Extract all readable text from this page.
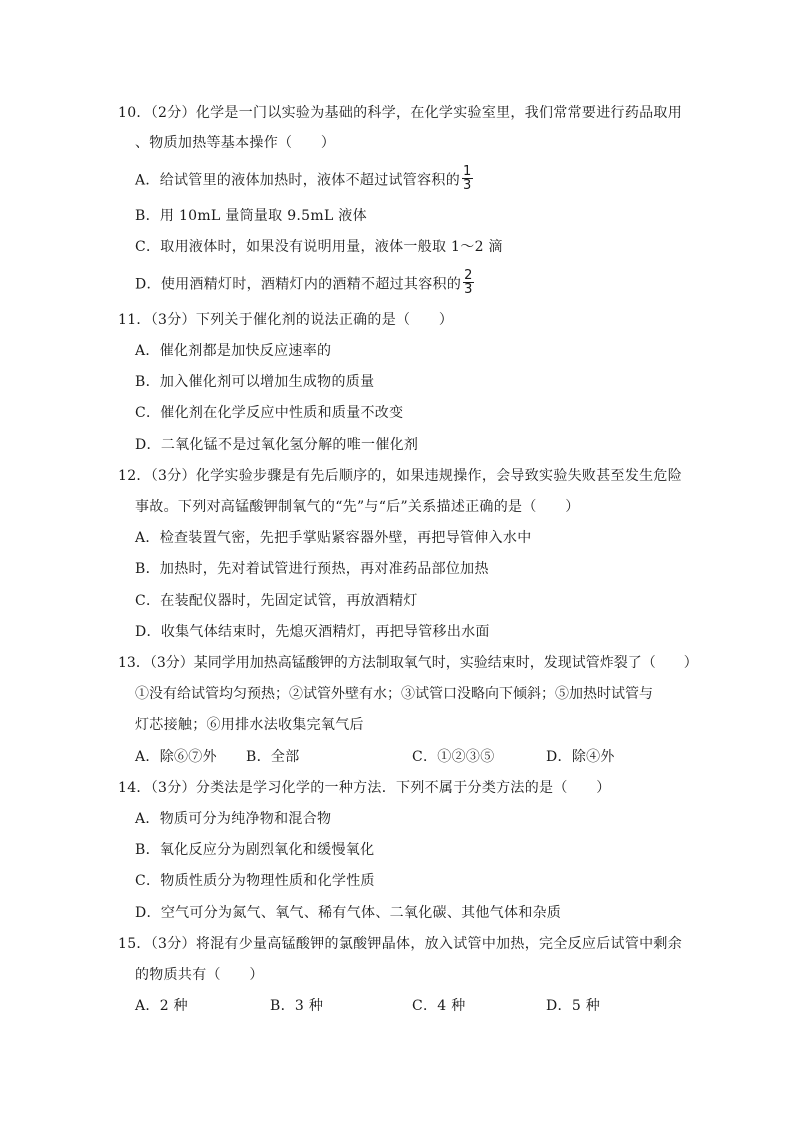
10．（2分）化学是一门以实验为基础的科学，在化学实验室里，我们常常要进行药品取用
、物质加热等基本操作（　　）
A．给试管里的液体加热时，液体不超过试管容积的 $\frac{1}{3}$
B．用 10mL 量筒量取 9.5mL 液体
C．取用液体时，如果没有说明用量，液体一般取 1～2 滴
D．使用酒精灯时，酒精灯内的酒精不超过其容积的 $\frac{2}{3}$
11．（3分）下列关于催化剂的说法正确的是（　　）
A．催化剂都是加快反应速率的
B．加入催化剂可以增加生成物的质量
C．催化剂在化学反应中性质和质量不改变
D．二氧化锰不是过氧化氢分解的唯一催化剂
12．（3分）化学实验步骤是有先后顺序的，如果违规操作，会导致实验失败甚至发生危险
事故。下列对高锰酸钾制氧气的“先”与“后”关系描述正确的是（　　）
A．检查装置气密，先把手掌贴紧容器外壁，再把导管伸入水中
B．加热时，先对着试管进行预热，再对准药品部位加热
C．在装配仪器时，先固定试管，再放酒精灯
D．收集气体结束时，先熄灭酒精灯，再把导管移出水面
13．（3分）某同学用加热高锰酸钾的方法制取氧气时，实验结束时，发现试管炸裂了（　　）
①没有给试管均匀预热；②试管外壁有水；③试管口没略向下倾斜；⑤加热时试管与
灯芯接触；⑥用排水法收集完氧气后
A．除⑥⑦外 B．全部	C．①②③⑤	D．除④外
14．（3分）分类法是学习化学的一种方法．下列不属于分类方法的是（　　）
A．物质可分为纯净物和混合物
B．氧化反应分为剧烈氧化和缓慢氧化
C．物质性质分为物理性质和化学性质
D．空气可分为氮气、氧气、稀有气体、二氧化碳、其他气体和杂质
15．（3分）将混有少量高锰酸钾的氯酸钾晶体，放入试管中加热，完全反应后试管中剩余
的物质共有（　　）
A．2 种	B．3 种	C．4 种	D．5 种
